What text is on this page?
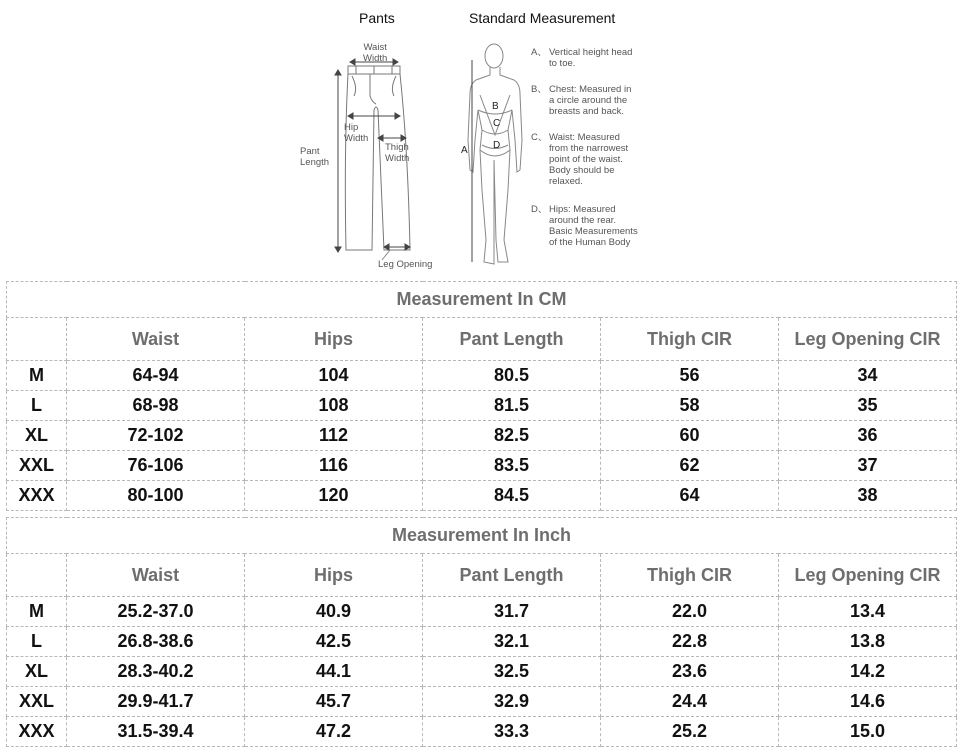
Pants	Standard Measurement
Waist
Width
Hip
Width
Pant
Length
Thigh
Width
Leg Opening
B
C
A	D
A、 Vertical height head
to toe.
B、 Chest: Measured in
a circle around the
breasts and back.
C、 Waist: Measured
from the narrowest
point of the waist.
Body should be
relaxed.
D、 Hips: Measured
around the rear.
Basic Measurements
of the Human Body
Measurement In CM					
	Waist	Hips	Pant Length	Thigh CIR	Leg Opening CIR
M	64-94	104	80.5	56	34
L	68-98	108	81.5	58	35
XL	72-102	112	82.5	60	36
XXL	76-106	116	83.5	62	37
XXX	80-100	120	84.5	64	38
Measurement In Inch					
	Waist	Hips	Pant Length	Thigh CIR	Leg Opening CIR
M	25.2-37.0	40.9	31.7	22.0	13.4
L	26.8-38.6	42.5	32.1	22.8	13.8
XL	28.3-40.2	44.1	32.5	23.6	14.2
XXL	29.9-41.7	45.7	32.9	24.4	14.6
XXX	31.5-39.4	47.2	33.3	25.2	15.0
